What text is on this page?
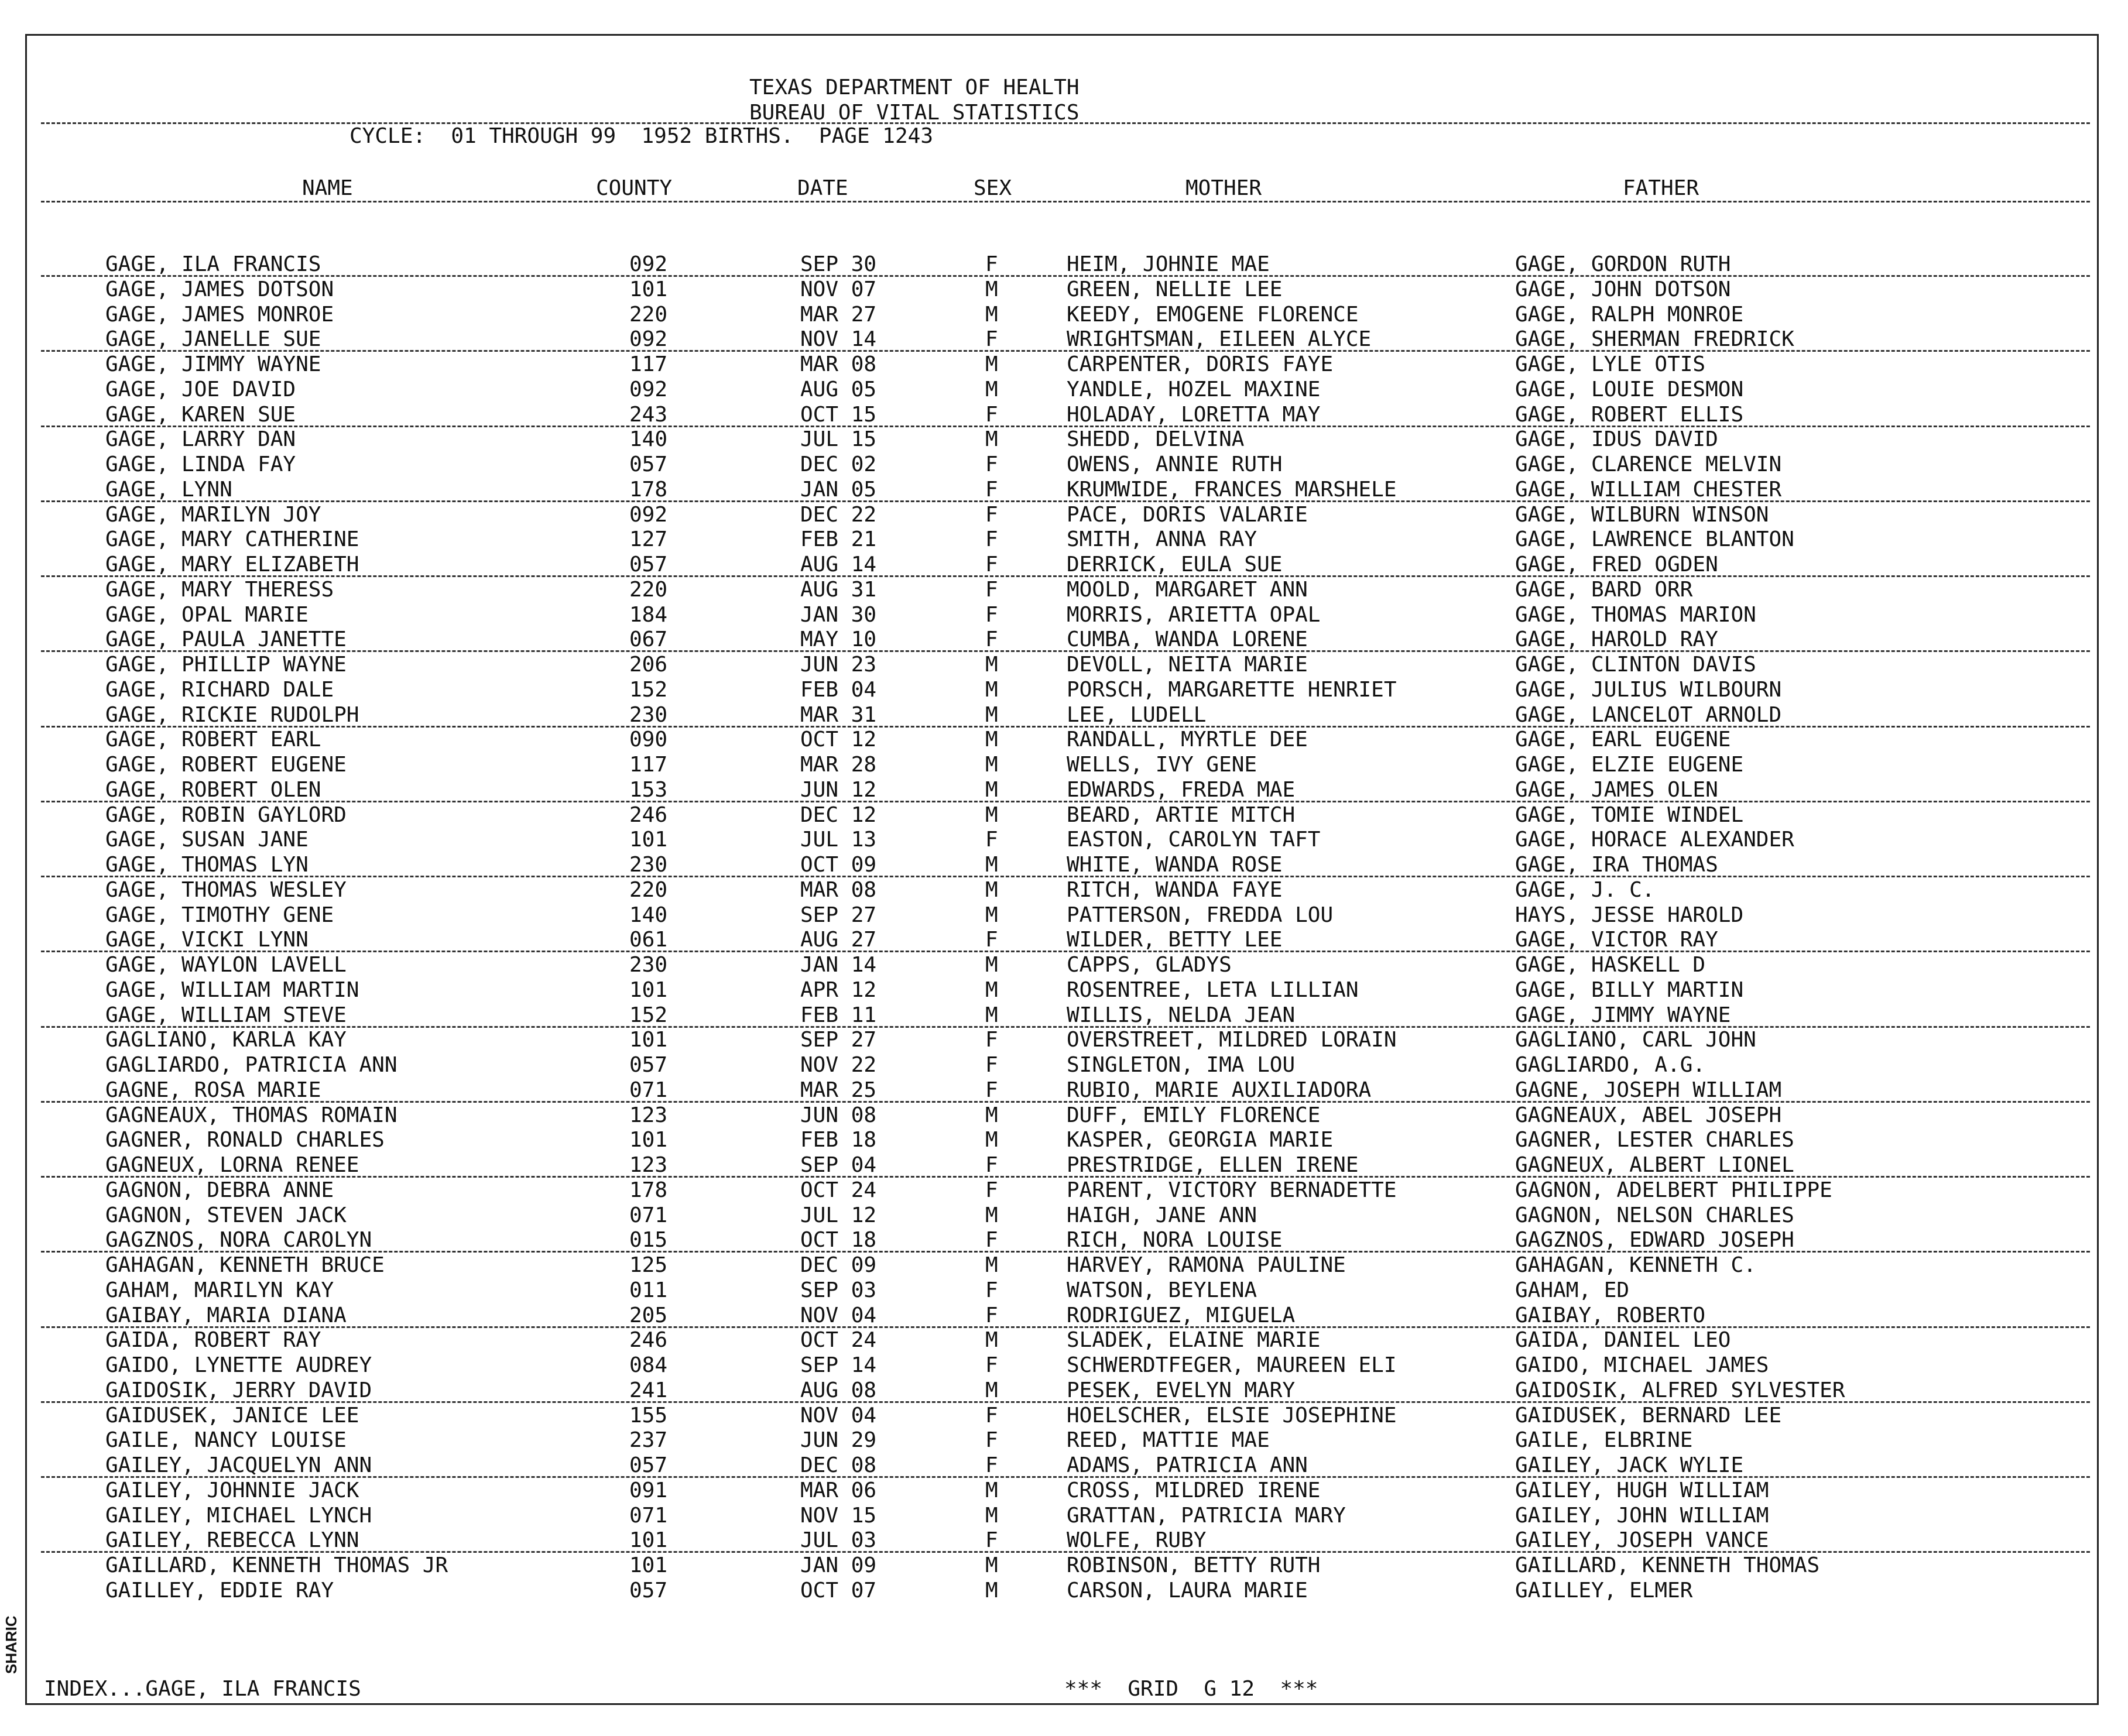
TEXAS DEPARTMENT OF HEALTH
BUREAU OF VITAL STATISTICS
CYCLE:  01 THROUGH 99  1952 BIRTHS.  PAGE 1243
NAME	COUNTY	DATE	SEX	MOTHER	FATHER
GAGE, ILA FRANCIS	092	SEP 30	F	HEIM, JOHNIE MAE	GAGE, GORDON RUTH
GAGE, JAMES DOTSON	101	NOV 07	M	GREEN, NELLIE LEE	GAGE, JOHN DOTSON
GAGE, JAMES MONROE	220	MAR 27	M	KEEDY, EMOGENE FLORENCE	GAGE, RALPH MONROE
GAGE, JANELLE SUE	092	NOV 14	F	WRIGHTSMAN, EILEEN ALYCE	GAGE, SHERMAN FREDRICK
GAGE, JIMMY WAYNE	117	MAR 08	M	CARPENTER, DORIS FAYE	GAGE, LYLE OTIS
GAGE, JOE DAVID	092	AUG 05	M	YANDLE, HOZEL MAXINE	GAGE, LOUIE DESMON
GAGE, KAREN SUE	243	OCT 15	F	HOLADAY, LORETTA MAY	GAGE, ROBERT ELLIS
GAGE, LARRY DAN	140	JUL 15	M	SHEDD, DELVINA	GAGE, IDUS DAVID
GAGE, LINDA FAY	057	DEC 02	F	OWENS, ANNIE RUTH	GAGE, CLARENCE MELVIN
GAGE, LYNN	178	JAN 05	F	KRUMWIDE, FRANCES MARSHELE	GAGE, WILLIAM CHESTER
GAGE, MARILYN JOY	092	DEC 22	F	PACE, DORIS VALARIE	GAGE, WILBURN WINSON
GAGE, MARY CATHERINE	127	FEB 21	F	SMITH, ANNA RAY	GAGE, LAWRENCE BLANTON
GAGE, MARY ELIZABETH	057	AUG 14	F	DERRICK, EULA SUE	GAGE, FRED OGDEN
GAGE, MARY THERESS	220	AUG 31	F	MOOLD, MARGARET ANN	GAGE, BARD ORR
GAGE, OPAL MARIE	184	JAN 30	F	MORRIS, ARIETTA OPAL	GAGE, THOMAS MARION
GAGE, PAULA JANETTE	067	MAY 10	F	CUMBA, WANDA LORENE	GAGE, HAROLD RAY
GAGE, PHILLIP WAYNE	206	JUN 23	M	DEVOLL, NEITA MARIE	GAGE, CLINTON DAVIS
GAGE, RICHARD DALE	152	FEB 04	M	PORSCH, MARGARETTE HENRIET	GAGE, JULIUS WILBOURN
GAGE, RICKIE RUDOLPH	230	MAR 31	M	LEE, LUDELL	GAGE, LANCELOT ARNOLD
GAGE, ROBERT EARL	090	OCT 12	M	RANDALL, MYRTLE DEE	GAGE, EARL EUGENE
GAGE, ROBERT EUGENE	117	MAR 28	M	WELLS, IVY GENE	GAGE, ELZIE EUGENE
GAGE, ROBERT OLEN	153	JUN 12	M	EDWARDS, FREDA MAE	GAGE, JAMES OLEN
GAGE, ROBIN GAYLORD	246	DEC 12	M	BEARD, ARTIE MITCH	GAGE, TOMIE WINDEL
GAGE, SUSAN JANE	101	JUL 13	F	EASTON, CAROLYN TAFT	GAGE, HORACE ALEXANDER
GAGE, THOMAS LYN	230	OCT 09	M	WHITE, WANDA ROSE	GAGE, IRA THOMAS
GAGE, THOMAS WESLEY	220	MAR 08	M	RITCH, WANDA FAYE	GAGE, J. C.
GAGE, TIMOTHY GENE	140	SEP 27	M	PATTERSON, FREDDA LOU	HAYS, JESSE HAROLD
GAGE, VICKI LYNN	061	AUG 27	F	WILDER, BETTY LEE	GAGE, VICTOR RAY
GAGE, WAYLON LAVELL	230	JAN 14	M	CAPPS, GLADYS	GAGE, HASKELL D
GAGE, WILLIAM MARTIN	101	APR 12	M	ROSENTREE, LETA LILLIAN	GAGE, BILLY MARTIN
GAGE, WILLIAM STEVE	152	FEB 11	M	WILLIS, NELDA JEAN	GAGE, JIMMY WAYNE
GAGLIANO, KARLA KAY	101	SEP 27	F	OVERSTREET, MILDRED LORAIN	GAGLIANO, CARL JOHN
GAGLIARDO, PATRICIA ANN	057	NOV 22	F	SINGLETON, IMA LOU	GAGLIARDO, A.G.
GAGNE, ROSA MARIE	071	MAR 25	F	RUBIO, MARIE AUXILIADORA	GAGNE, JOSEPH WILLIAM
GAGNEAUX, THOMAS ROMAIN	123	JUN 08	M	DUFF, EMILY FLORENCE	GAGNEAUX, ABEL JOSEPH
GAGNER, RONALD CHARLES	101	FEB 18	M	KASPER, GEORGIA MARIE	GAGNER, LESTER CHARLES
GAGNEUX, LORNA RENEE	123	SEP 04	F	PRESTRIDGE, ELLEN IRENE	GAGNEUX, ALBERT LIONEL
GAGNON, DEBRA ANNE	178	OCT 24	F	PARENT, VICTORY BERNADETTE	GAGNON, ADELBERT PHILIPPE
GAGNON, STEVEN JACK	071	JUL 12	M	HAIGH, JANE ANN	GAGNON, NELSON CHARLES
GAGZNOS, NORA CAROLYN	015	OCT 18	F	RICH, NORA LOUISE	GAGZNOS, EDWARD JOSEPH
GAHAGAN, KENNETH BRUCE	125	DEC 09	M	HARVEY, RAMONA PAULINE	GAHAGAN, KENNETH C.
GAHAM, MARILYN KAY	011	SEP 03	F	WATSON, BEYLENA	GAHAM, ED
GAIBAY, MARIA DIANA	205	NOV 04	F	RODRIGUEZ, MIGUELA	GAIBAY, ROBERTO
GAIDA, ROBERT RAY	246	OCT 24	M	SLADEK, ELAINE MARIE	GAIDA, DANIEL LEO
GAIDO, LYNETTE AUDREY	084	SEP 14	F	SCHWERDTFEGER, MAUREEN ELI	GAIDO, MICHAEL JAMES
GAIDOSIK, JERRY DAVID	241	AUG 08	M	PESEK, EVELYN MARY	GAIDOSIK, ALFRED SYLVESTER
GAIDUSEK, JANICE LEE	155	NOV 04	F	HOELSCHER, ELSIE JOSEPHINE	GAIDUSEK, BERNARD LEE
GAILE, NANCY LOUISE	237	JUN 29	F	REED, MATTIE MAE	GAILE, ELBRINE
GAILEY, JACQUELYN ANN	057	DEC 08	F	ADAMS, PATRICIA ANN	GAILEY, JACK WYLIE
GAILEY, JOHNNIE JACK	091	MAR 06	M	CROSS, MILDRED IRENE	GAILEY, HUGH WILLIAM
GAILEY, MICHAEL LYNCH	071	NOV 15	M	GRATTAN, PATRICIA MARY	GAILEY, JOHN WILLIAM
GAILEY, REBECCA LYNN	101	JUL 03	F	WOLFE, RUBY	GAILEY, JOSEPH VANCE
GAILLARD, KENNETH THOMAS JR	101	JAN 09	M	ROBINSON, BETTY RUTH	GAILLARD, KENNETH THOMAS
GAILLEY, EDDIE RAY	057	OCT 07	M	CARSON, LAURA MARIE	GAILLEY, ELMER
INDEX...GAGE, ILA FRANCIS	***  GRID  G 12  ***
SHARIC
